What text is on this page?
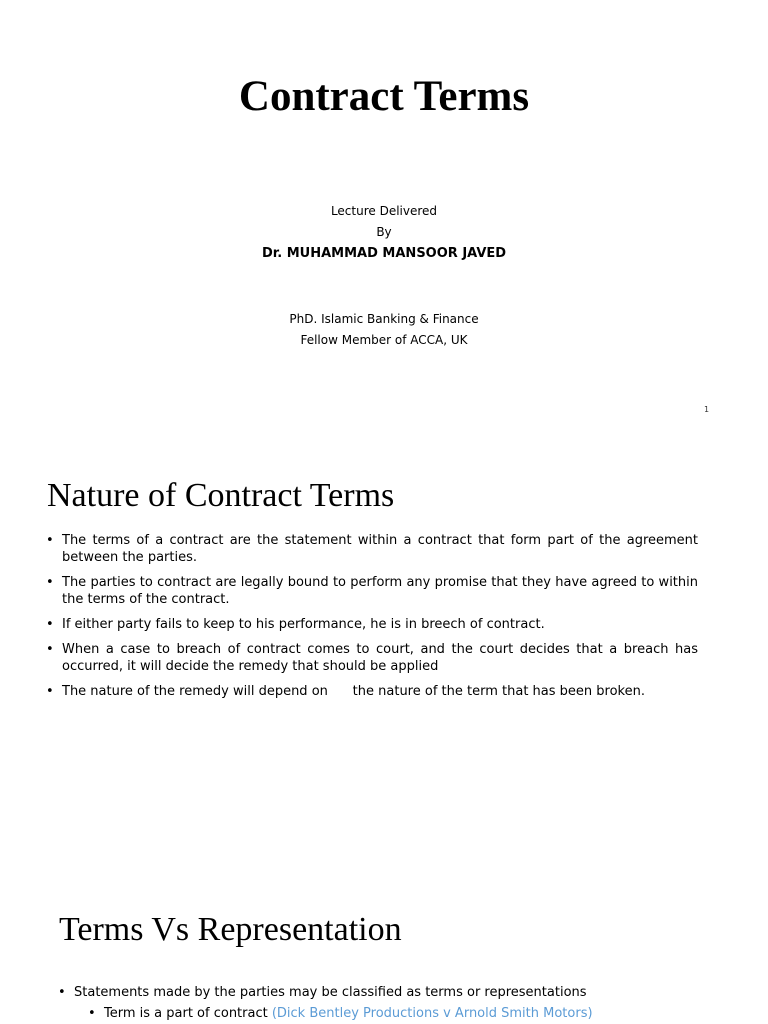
Contract Terms
Lecture Delivered
By
Dr. MUHAMMAD MANSOOR JAVED
PhD. Islamic Banking & Finance
Fellow Member of ACCA, UK
1
Nature of Contract Terms
• The terms of a contract are the statement within a contract that form part of the agreement between the parties.
• The parties to contract are legally bound to perform any promise that they have agreed to within the terms of the contract.
• If either party fails to keep to his performance, he is in breech of contract.
• When a case to breach of contract comes to court, and the court decides that a breach has occurred, it will decide the remedy that should be applied
• The nature of the remedy will depend on      the nature of the term that has been broken.
Terms Vs Representation
• Statements made by the parties may be classified as terms or representations
• Term is a part of contract (Dick Bentley Productions v Arnold Smith Motors)
